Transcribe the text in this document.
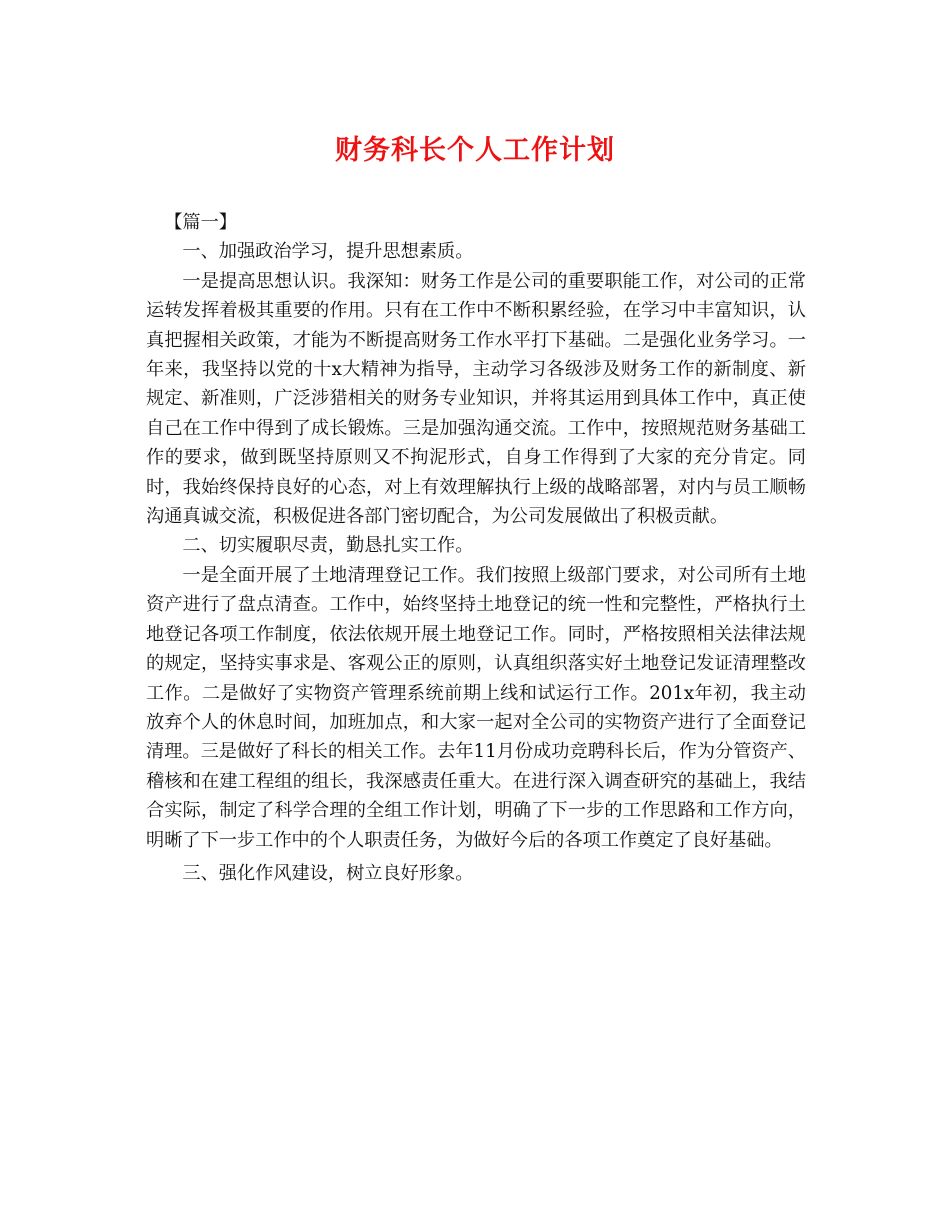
财务科长个人工作计划

【篇一】

一、加强政治学习，提升思想素质。

一是提高思想认识。我深知：财务工作是公司的重要职能工作，对公司的正常运转发挥着极其重要的作用。只有在工作中不断积累经验，在学习中丰富知识，认真把握相关政策，才能为不断提高财务工作水平打下基础。二是强化业务学习。一年来，我坚持以党的十x大精神为指导，主动学习各级涉及财务工作的新制度、新规定、新准则，广泛涉猎相关的财务专业知识，并将其运用到具体工作中，真正使自己在工作中得到了成长锻炼。三是加强沟通交流。工作中，按照规范财务基础工作的要求，做到既坚持原则又不拘泥形式，自身工作得到了大家的充分肯定。同时，我始终保持良好的心态，对上有效理解执行上级的战略部署，对内与员工顺畅沟通真诚交流，积极促进各部门密切配合，为公司发展做出了积极贡献。

二、切实履职尽责，勤恳扎实工作。

一是全面开展了土地清理登记工作。我们按照上级部门要求，对公司所有土地资产进行了盘点清查。工作中，始终坚持土地登记的统一性和完整性，严格执行土地登记各项工作制度，依法依规开展土地登记工作。同时，严格按照相关法律法规的规定，坚持实事求是、客观公正的原则，认真组织落实好土地登记发证清理整改工作。二是做好了实物资产管理系统前期上线和试运行工作。201x年初，我主动放弃个人的休息时间，加班加点，和大家一起对全公司的实物资产进行了全面登记清理。三是做好了科长的相关工作。去年11月份成功竞聘科长后，作为分管资产、稽核和在建工程组的组长，我深感责任重大。在进行深入调查研究的基础上，我结合实际，制定了科学合理的全组工作计划，明确了下一步的工作思路和工作方向，明晰了下一步工作中的个人职责任务，为做好今后的各项工作奠定了良好基础。

三、强化作风建设，树立良好形象。
